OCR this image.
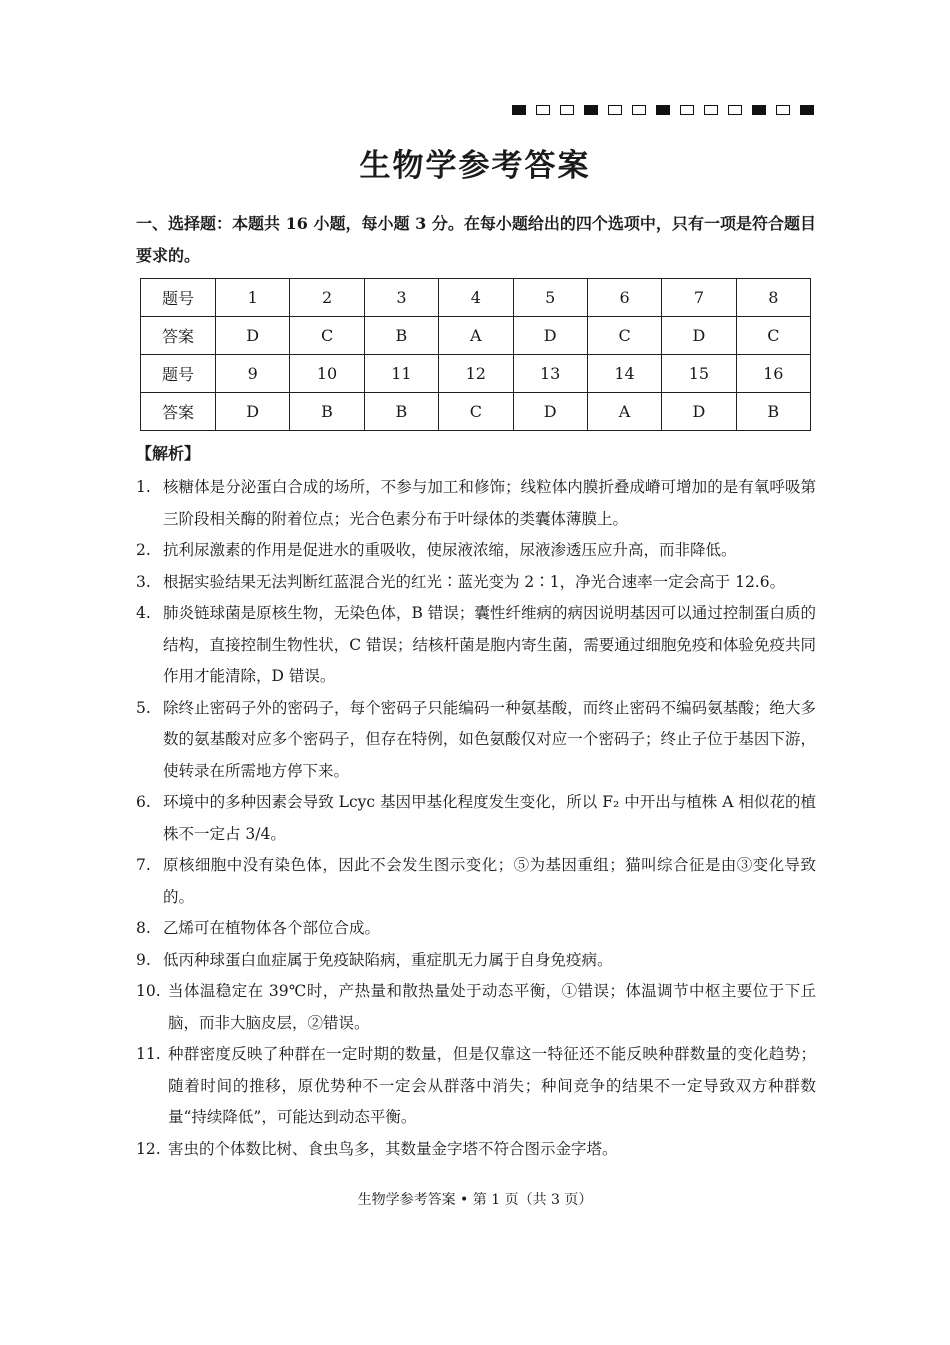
生物学参考答案
一、选择题：本题共 16 小题，每小题 3 分。在每小题给出的四个选项中，只有一项是符合题目要求的。
题号	1	2	3	4	5	6	7	8
答案	D	C	B	A	D	C	D	C
题号	9	10	11	12	13	14	15	16
答案	D	B	B	C	D	A	D	B
【解析】
1. 核糖体是分泌蛋白合成的场所，不参与加工和修饰；线粒体内膜折叠成嵴可增加的是有氧呼吸第三阶段相关酶的附着位点；光合色素分布于叶绿体的类囊体薄膜上。
2. 抗利尿激素的作用是促进水的重吸收，使尿液浓缩，尿液渗透压应升高，而非降低。
3. 根据实验结果无法判断红蓝混合光的红光∶蓝光变为 2∶1，净光合速率一定会高于 12.6。
4. 肺炎链球菌是原核生物，无染色体，B 错误；囊性纤维病的病因说明基因可以通过控制蛋白质的结构，直接控制生物性状，C 错误；结核杆菌是胞内寄生菌，需要通过细胞免疫和体验免疫共同作用才能清除，D 错误。
5. 除终止密码子外的密码子，每个密码子只能编码一种氨基酸，而终止密码不编码氨基酸；绝大多数的氨基酸对应多个密码子，但存在特例，如色氨酸仅对应一个密码子；终止子位于基因下游，使转录在所需地方停下来。
6. 环境中的多种因素会导致 Lcyc 基因甲基化程度发生变化，所以 F₂ 中开出与植株 A 相似花的植株不一定占 3/4。
7. 原核细胞中没有染色体，因此不会发生图示变化；⑤为基因重组；猫叫综合征是由③变化导致的。
8. 乙烯可在植物体各个部位合成。
9. 低丙种球蛋白血症属于免疫缺陷病，重症肌无力属于自身免疫病。
10. 当体温稳定在 39℃时，产热量和散热量处于动态平衡，①错误；体温调节中枢主要位于下丘脑，而非大脑皮层，②错误。
11. 种群密度反映了种群在一定时期的数量，但是仅靠这一特征还不能反映种群数量的变化趋势；随着时间的推移，原优势种不一定会从群落中消失；种间竞争的结果不一定导致双方种群数量“持续降低”，可能达到动态平衡。
12. 害虫的个体数比树、食虫鸟多，其数量金字塔不符合图示金字塔。
生物学参考答案 • 第 1 页（共 3 页）
